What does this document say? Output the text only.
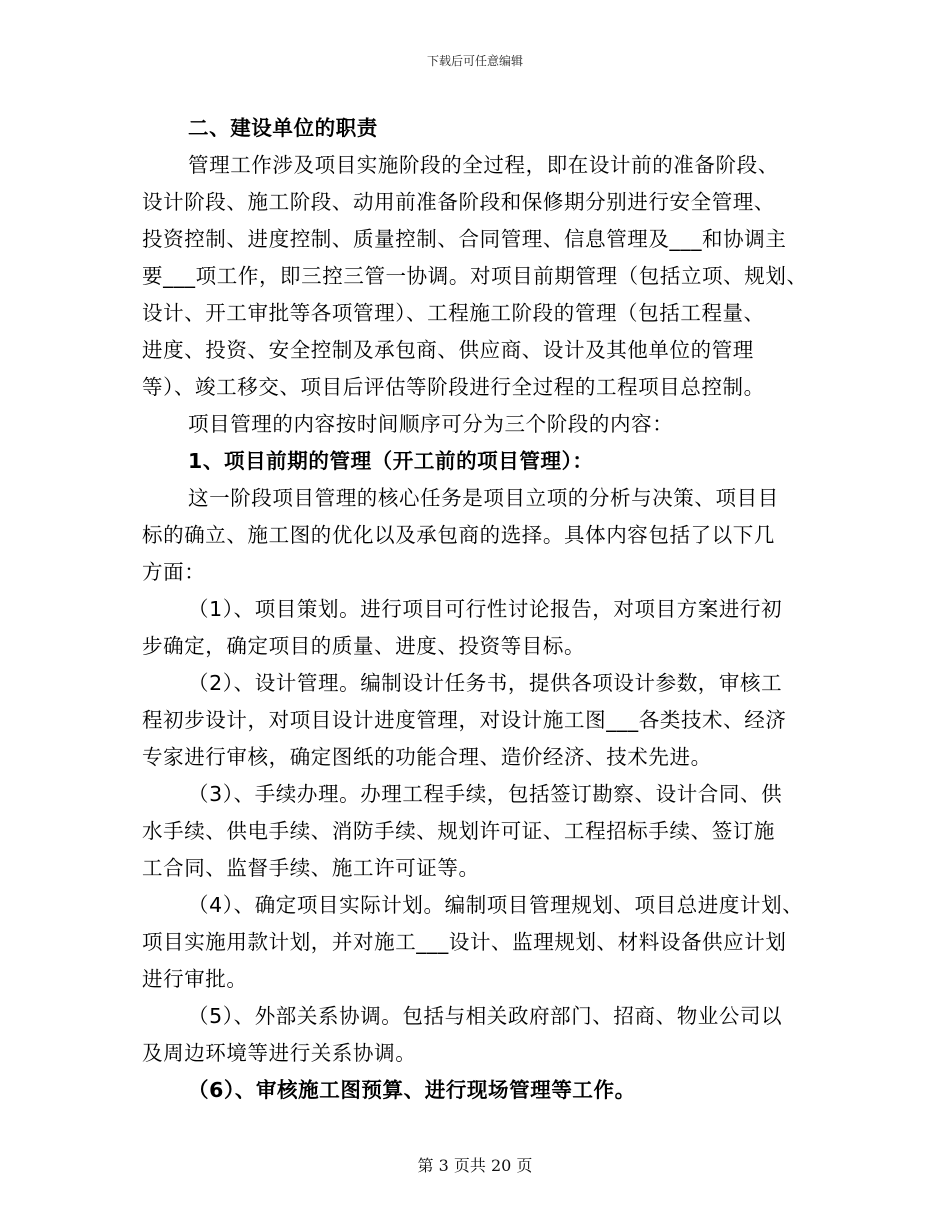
下载后可任意编辑
二、建设单位的职责
管理工作涉及项目实施阶段的全过程，即在设计前的准备阶段、
设计阶段、施工阶段、动用前准备阶段和保修期分别进行安全管理、
投资控制、进度控制、质量控制、合同管理、信息管理及___和协调主
要___项工作，即三控三管一协调。对项目前期管理（包括立项、规划、
设计、开工审批等各项管理）、工程施工阶段的管理（包括工程量、
进度、投资、安全控制及承包商、供应商、设计及其他单位的管理
等）、竣工移交、项目后评估等阶段进行全过程的工程项目总控制。
项目管理的内容按时间顺序可分为三个阶段的内容：
1、项目前期的管理（开工前的项目管理）：
这一阶段项目管理的核心任务是项目立项的分析与决策、项目目
标的确立、施工图的优化以及承包商的选择。具体内容包括了以下几
方面：
（1）、项目策划。进行项目可行性讨论报告，对项目方案进行初
步确定，确定项目的质量、进度、投资等目标。
（2）、设计管理。编制设计任务书，提供各项设计参数，审核工
程初步设计，对项目设计进度管理，对设计施工图___各类技术、经济
专家进行审核，确定图纸的功能合理、造价经济、技术先进。
（3）、手续办理。办理工程手续，包括签订勘察、设计合同、供
水手续、供电手续、消防手续、规划许可证、工程招标手续、签订施
工合同、监督手续、施工许可证等。
（4）、确定项目实际计划。编制项目管理规划、项目总进度计划、
项目实施用款计划，并对施工___设计、监理规划、材料设备供应计划
进行审批。
（5）、外部关系协调。包括与相关政府部门、招商、物业公司以
及周边环境等进行关系协调。
（6）、审核施工图预算、进行现场管理等工作。
第 3 页共 20 页
